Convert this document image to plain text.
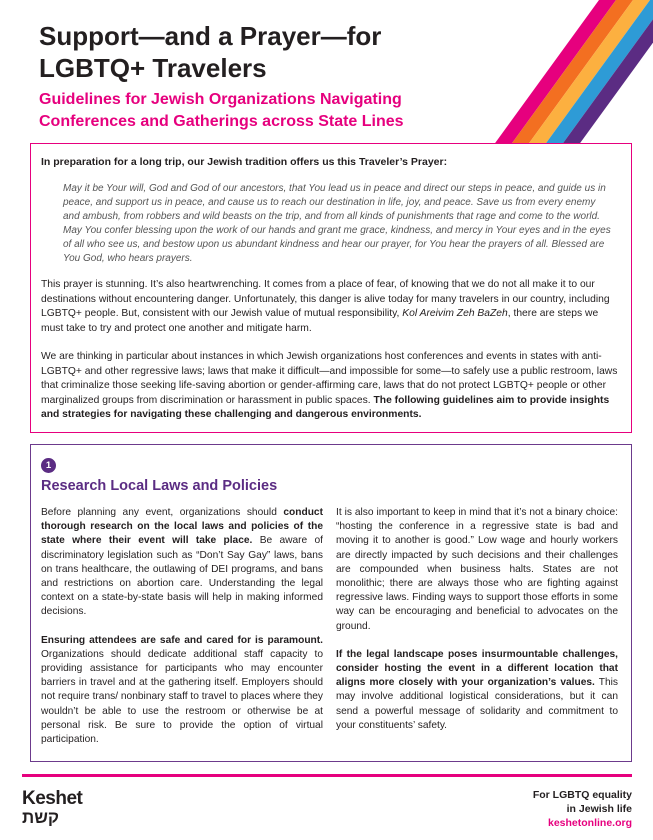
Support—and a Prayer—for
LGBTQ+ Travelers
Guidelines for Jewish Organizations Navigating
Conferences and Gatherings across State Lines

In preparation for a long trip, our Jewish tradition offers us this Traveler’s Prayer:

May it be Your will, God and God of our ancestors, that You lead us in peace and direct our steps in peace, and guide us in peace, and support us in peace, and cause us to reach our destination in life, joy, and peace. Save us from every enemy and ambush, from robbers and wild beasts on the trip, and from all kinds of punishments that rage and come to the world. May You confer blessing upon the work of our hands and grant me grace, kindness, and mercy in Your eyes and in the eyes of all who see us, and bestow upon us abundant kindness and hear our prayer, for You hear the prayers of all. Blessed are You God, who hears prayers.

This prayer is stunning. It’s also heartwrenching. It comes from a place of fear, of knowing that we do not all make it to our destinations without encountering danger. Unfortunately, this danger is alive today for many travelers in our country, including LGBTQ+ people. But, consistent with our Jewish value of mutual responsibility, Kol Areivim Zeh BaZeh, there are steps we must take to try and protect one another and mitigate harm.

We are thinking in particular about instances in which Jewish organizations host conferences and events in states with anti-LGBTQ+ and other regressive laws; laws that make it difficult—and impossible for some—to safely use a public restroom, laws that criminalize those seeking life-saving abortion or gender-affirming care, laws that do not protect LGBTQ+ people or other marginalized groups from discrimination or harassment in public spaces. The following guidelines aim to provide insights and strategies for navigating these challenging and dangerous environments.

1
Research Local Laws and Policies

Before planning any event, organizations should conduct thorough research on the local laws and policies of the state where their event will take place. Be aware of discriminatory legislation such as “Don’t Say Gay” laws, bans on trans healthcare, the outlawing of DEI programs, and bans and restrictions on abortion care. Understanding the legal context on a state-by-state basis will help in making informed decisions.

Ensuring attendees are safe and cared for is paramount. Organizations should dedicate additional staff capacity to providing assistance for participants who may encounter barriers in travel and at the gathering itself. Employers should not require trans/ nonbinary staff to travel to places where they wouldn’t be able to use the restroom or otherwise be at personal risk. Be sure to provide the option of virtual participation.

It is also important to keep in mind that it’s not a binary choice: “hosting the conference in a regressive state is bad and moving it to another is good.” Low wage and hourly workers are directly impacted by such decisions and their challenges are compounded when business halts. States are not monolithic; there are always those who are fighting against regressive laws. Finding ways to support those efforts in some way can be encouraging and beneficial to advocates on the ground.

If the legal landscape poses insurmountable challenges, consider hosting the event in a different location that aligns more closely with your organization’s values. This may involve additional logistical considerations, but it can send a powerful message of solidarity and commitment to your constituents’ safety.

Keshet
קשת
For LGBTQ equality
in Jewish life
keshetonline.org
